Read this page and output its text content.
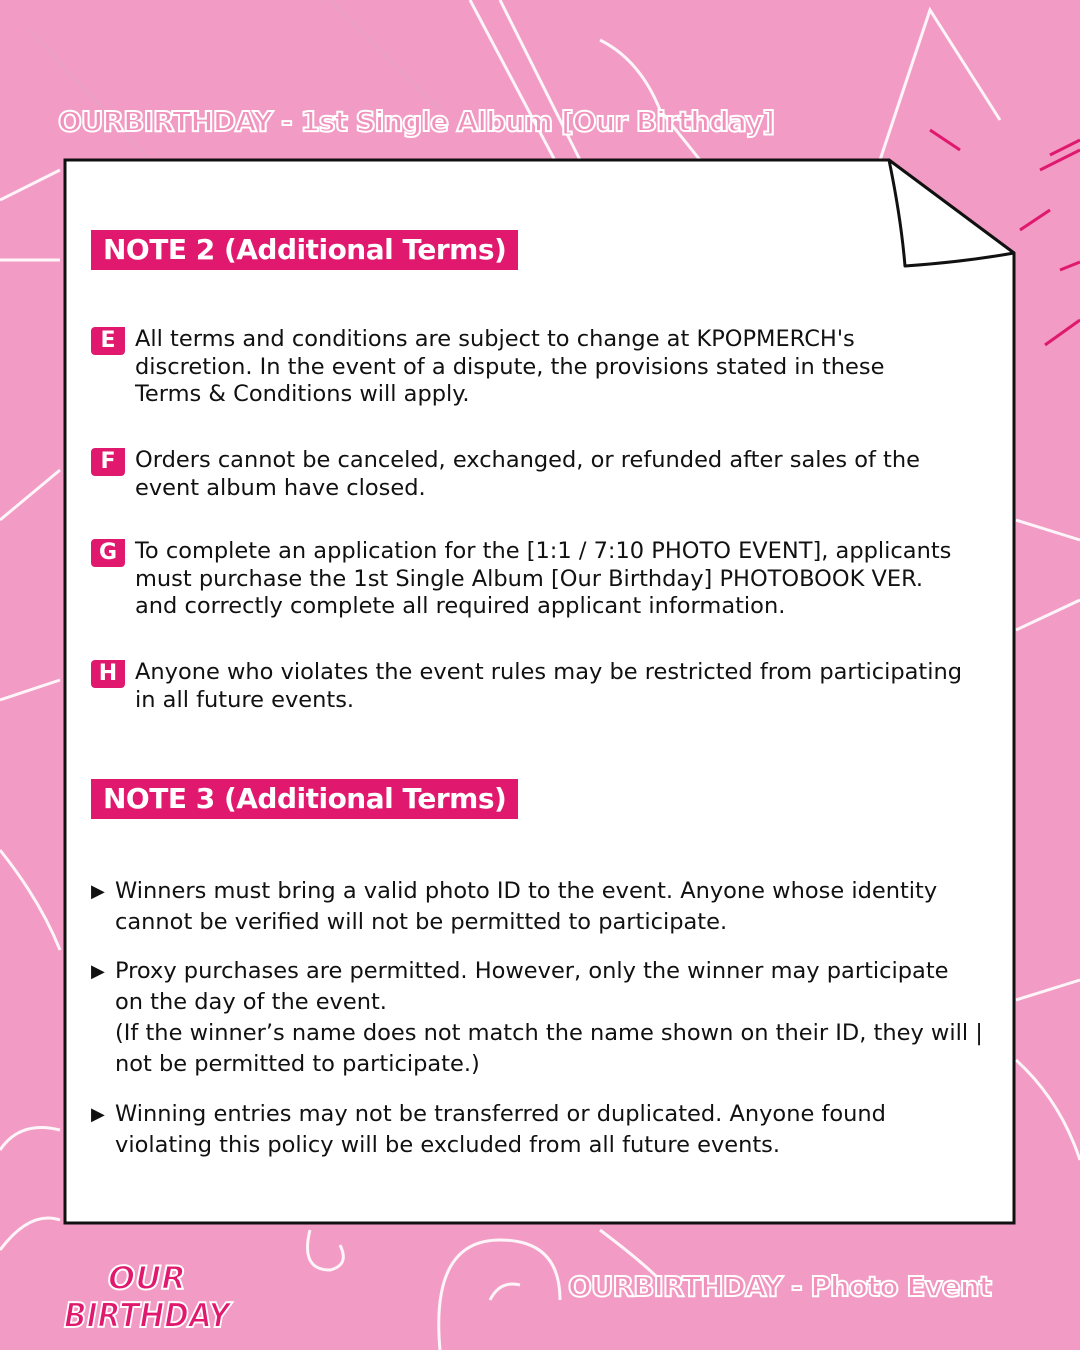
OURBIRTHDAY - 1st Single Album [Our Birthday]
NOTE 2 (Additional Terms)
E All terms and conditions are subject to change at KPOPMERCH's
discretion. In the event of a dispute, the provisions stated in these
Terms & Conditions will apply.
F Orders cannot be canceled, exchanged, or refunded after sales of the
event album have closed.
G To complete an application for the [1:1 / 7:10 PHOTO EVENT], applicants
must purchase the 1st Single Album [Our Birthday] PHOTOBOOK VER.
and correctly complete all required applicant information.
H Anyone who violates the event rules may be restricted from participating
in all future events.
NOTE 3 (Additional Terms)
▶ Winners must bring a valid photo ID to the event. Anyone whose identity
cannot be verified will not be permitted to participate.
▶ Proxy purchases are permitted. However, only the winner may participate
on the day of the event.
(If the winner’s name does not match the name shown on their ID, they will |
not be permitted to participate.)
▶ Winning entries may not be transferred or duplicated. Anyone found
violating this policy will be excluded from all future events.
OUR
BIRTHDAY
OURBIRTHDAY - Photo Event
